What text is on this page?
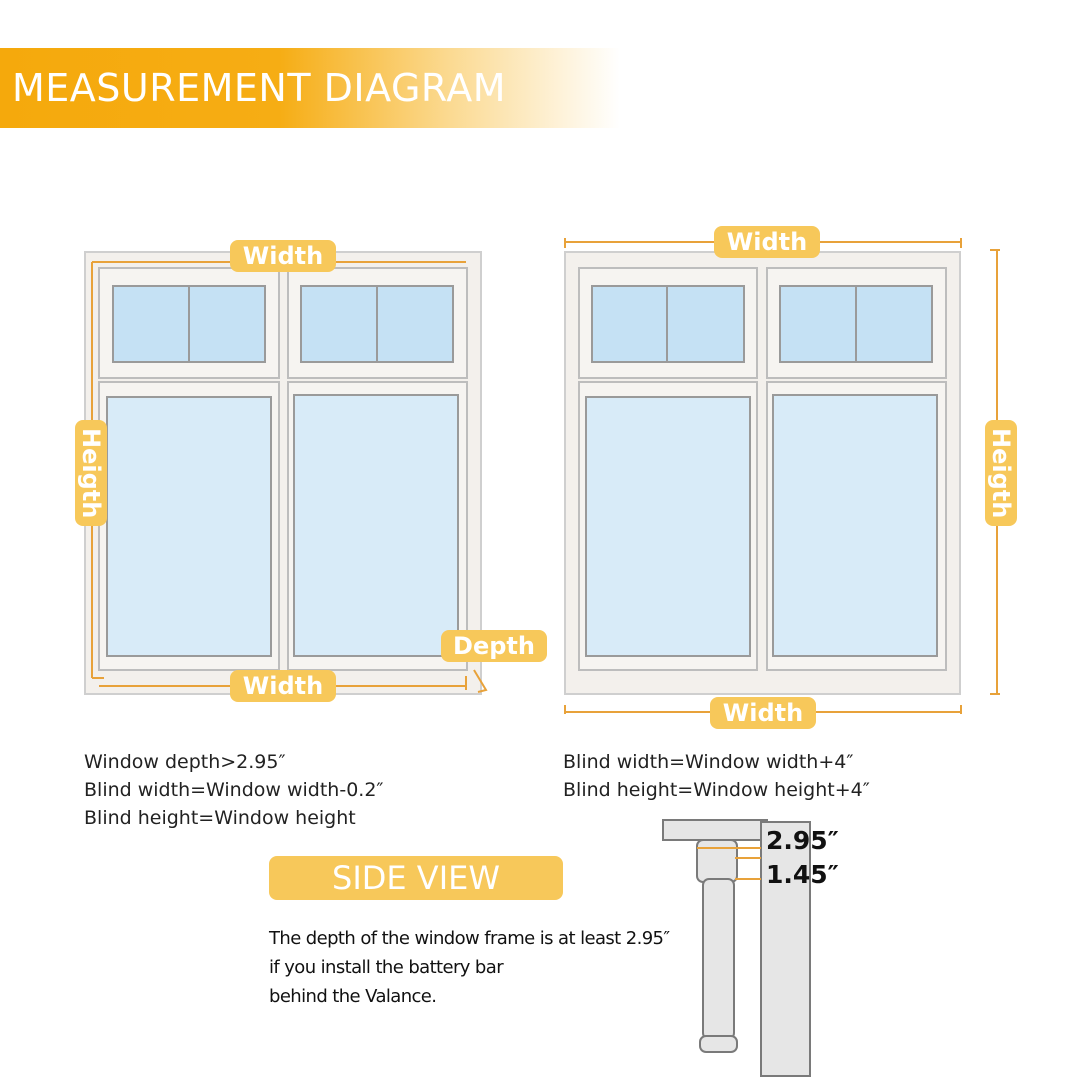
MEASUREMENT DIAGRAM
Width
Heigth
Width
Depth
Width
Heigth
Width
Window depth>2.95″
Blind width=Window width-0.2″
Blind height=Window height
Blind width=Window width+4″
Blind height=Window height+4″
SIDE VIEW
The depth of the window frame is at least 2.95″
if you install the battery bar
behind the Valance.
2.95″
1.45″
